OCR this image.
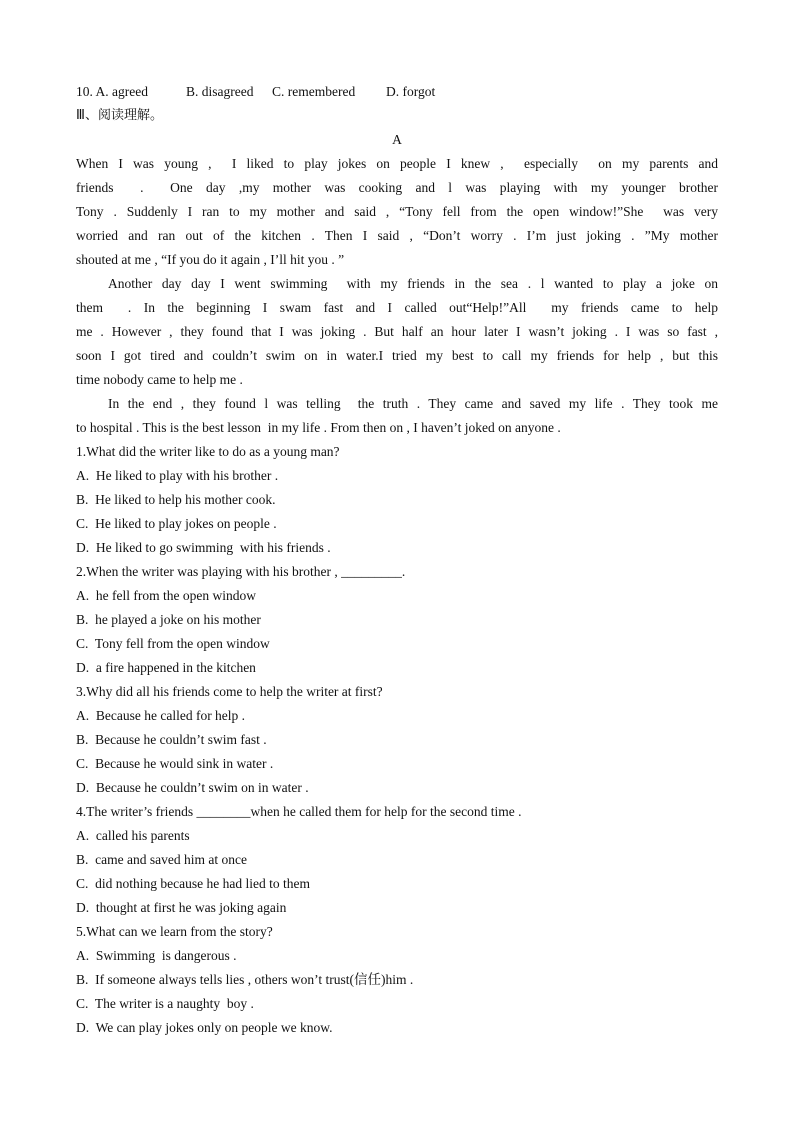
10. A. agreed	B. disagreed C. remembered D. forgot
Ⅲ、阅读理解。
A
When I was young ,  I liked to play jokes on people I knew ,  especially  on my parents and
friends  .  One day ,my mother was cooking and l was playing with my younger brother
Tony . Suddenly I ran to my mother and said , “Tony fell from the open window!”She  was very
worried and ran out of the kitchen . Then I said , “Don’t worry . I’m just joking . ”My mother
shouted at me , “If you do it again , I’ll hit you . ”
Another day day I went swimming  with my friends in the sea . l wanted to play a joke on
them  . In the beginning I swam fast and I called out“Help!”All  my friends came to help
me . However , they found that I was joking . But half an hour later I wasn’t joking . I was so fast ,
soon I got tired and couldn’t swim on in water.I tried my best to call my friends for help , but this
time nobody came to help me .
In the end , they found l was telling  the truth . They came and saved my life . They took me
to hospital . This is the best lesson  in my life . From then on , I haven’t joked on anyone .
1.What did the writer like to do as a young man?
A.  He liked to play with his brother .
B.  He liked to help his mother cook.
C.  He liked to play jokes on people .
D.  He liked to go swimming  with his friends .
2.When the writer was playing with his brother , _________.
A.  he fell from the open window
B.  he played a joke on his mother
C.  Tony fell from the open window
D.  a fire happened in the kitchen
3.Why did all his friends come to help the writer at first?
A.  Because he called for help .
B.  Because he couldn’t swim fast .
C.  Because he would sink in water .
D.  Because he couldn’t swim on in water .
4.The writer’s friends ________when he called them for help for the second time .
A.  called his parents
B.  came and saved him at once
C.  did nothing because he had lied to them
D.  thought at first he was joking again
5.What can we learn from the story?
A.  Swimming  is dangerous .
B.  If someone always tells lies , others won’t trust(信任)him .
C.  The writer is a naughty  boy .
D.  We can play jokes only on people we know.
